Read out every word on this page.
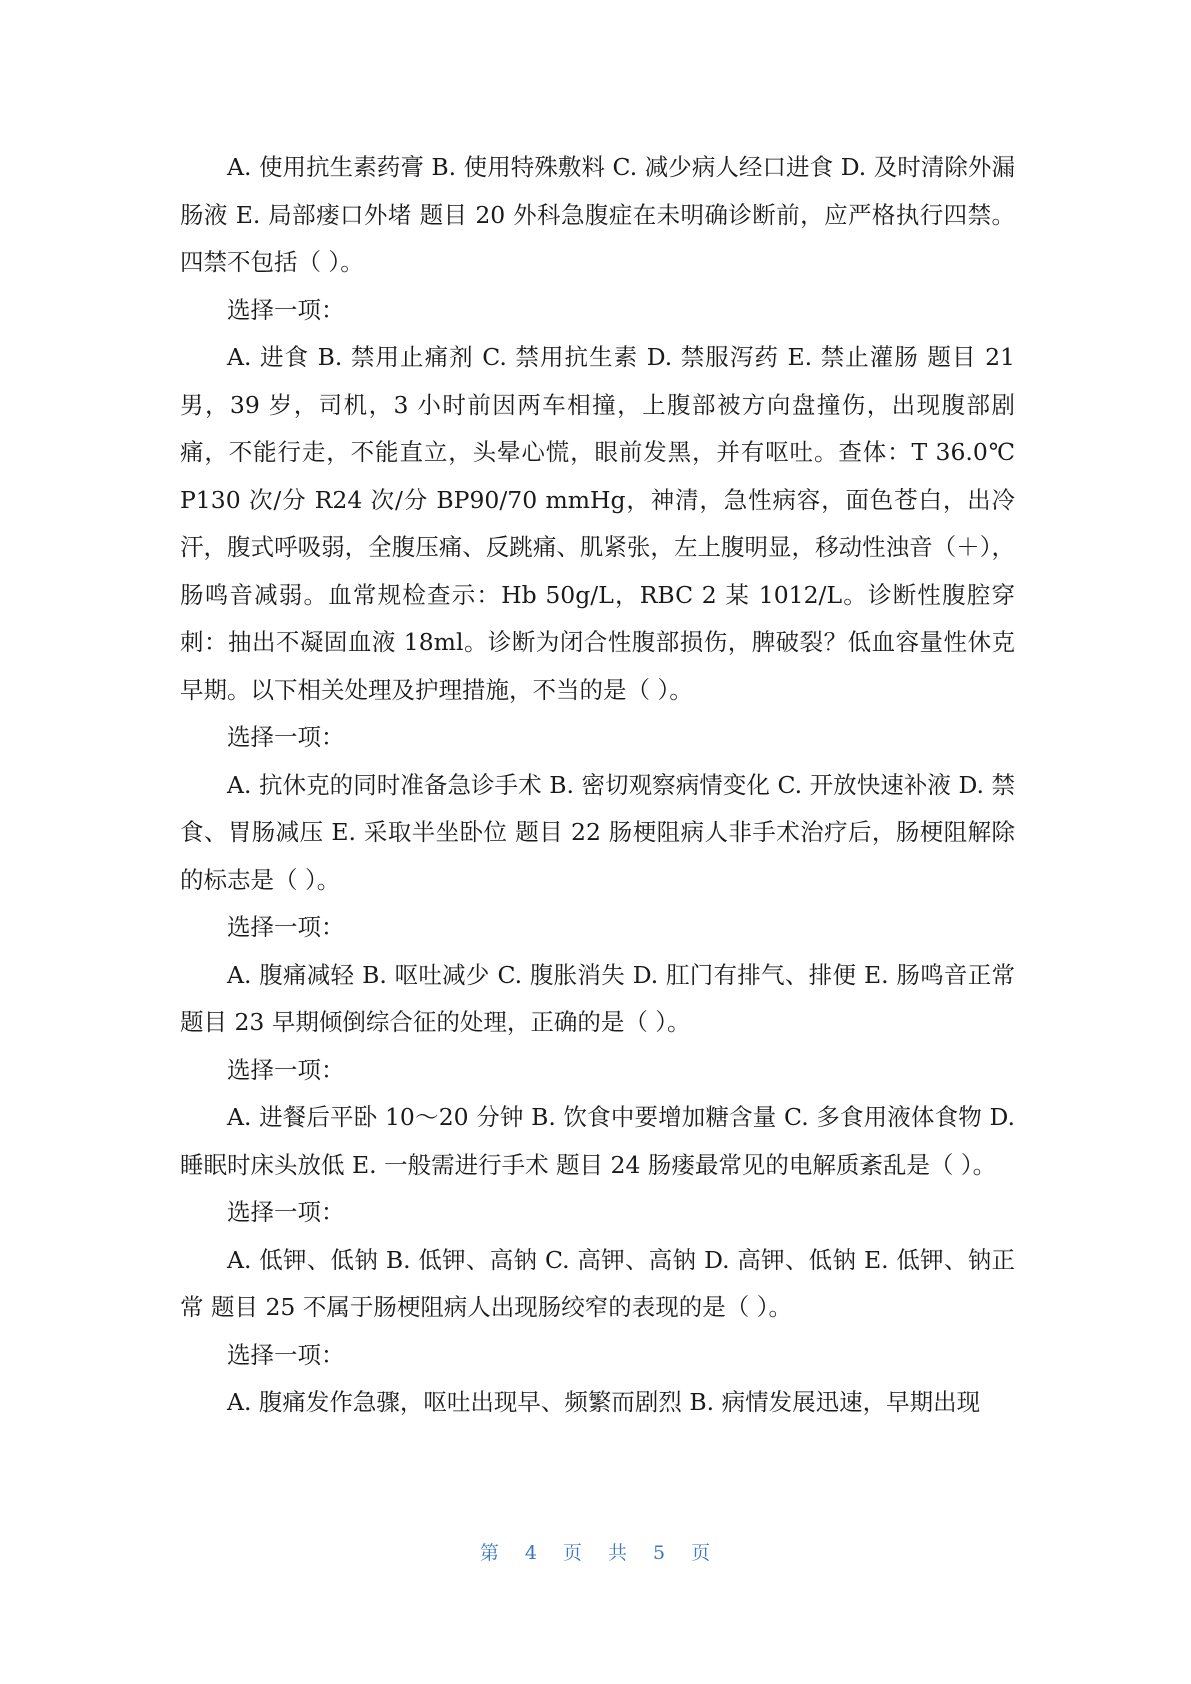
A. 使用抗生素药膏 B. 使用特殊敷料 C. 减少病人经口进食 D. 及时清除外漏肠液 E. 局部瘘口外堵 题目 20 外科急腹症在未明确诊断前，应严格执行四禁。四禁不包括（ ）。

选择一项：

A. 进食 B. 禁用止痛剂 C. 禁用抗生素 D. 禁服泻药 E. 禁止灌肠 题目 21 男，39 岁，司机，3 小时前因两车相撞，上腹部被方向盘撞伤，出现腹部剧痛，不能行走，不能直立，头晕心慌，眼前发黑，并有呕吐。查体：T 36.0℃ P130 次/分 R24 次/分 BP90/70 mmHg，神清，急性病容，面色苍白，出冷汗，腹式呼吸弱，全腹压痛、反跳痛、肌紧张，左上腹明显，移动性浊音（＋），肠鸣音减弱。血常规检查示：Hb 50g/L，RBC 2 某 1012/L。诊断性腹腔穿刺：抽出不凝固血液 18ml。诊断为闭合性腹部损伤，脾破裂？低血容量性休克早期。以下相关处理及护理措施，不当的是（ ）。

选择一项：

A. 抗休克的同时准备急诊手术 B. 密切观察病情变化 C. 开放快速补液 D. 禁食、胃肠减压 E. 采取半坐卧位 题目 22 肠梗阻病人非手术治疗后，肠梗阻解除的标志是（ ）。

选择一项：

A. 腹痛减轻 B. 呕吐减少 C. 腹胀消失 D. 肛门有排气、排便 E. 肠鸣音正常 题目 23 早期倾倒综合征的处理，正确的是（ ）。

选择一项：

A. 进餐后平卧 10～20 分钟 B. 饮食中要增加糖含量 C. 多食用液体食物 D. 睡眠时床头放低 E. 一般需进行手术 题目 24 肠瘘最常见的电解质紊乱是（ ）。

选择一项：

A. 低钾、低钠 B. 低钾、高钠 C. 高钾、高钠 D. 高钾、低钠 E. 低钾、钠正常 题目 25 不属于肠梗阻病人出现肠绞窄的表现的是（ ）。

选择一项：

A. 腹痛发作急骤，呕吐出现早、频繁而剧烈 B. 病情发展迅速，早期出现

第 4 页 共 5 页
